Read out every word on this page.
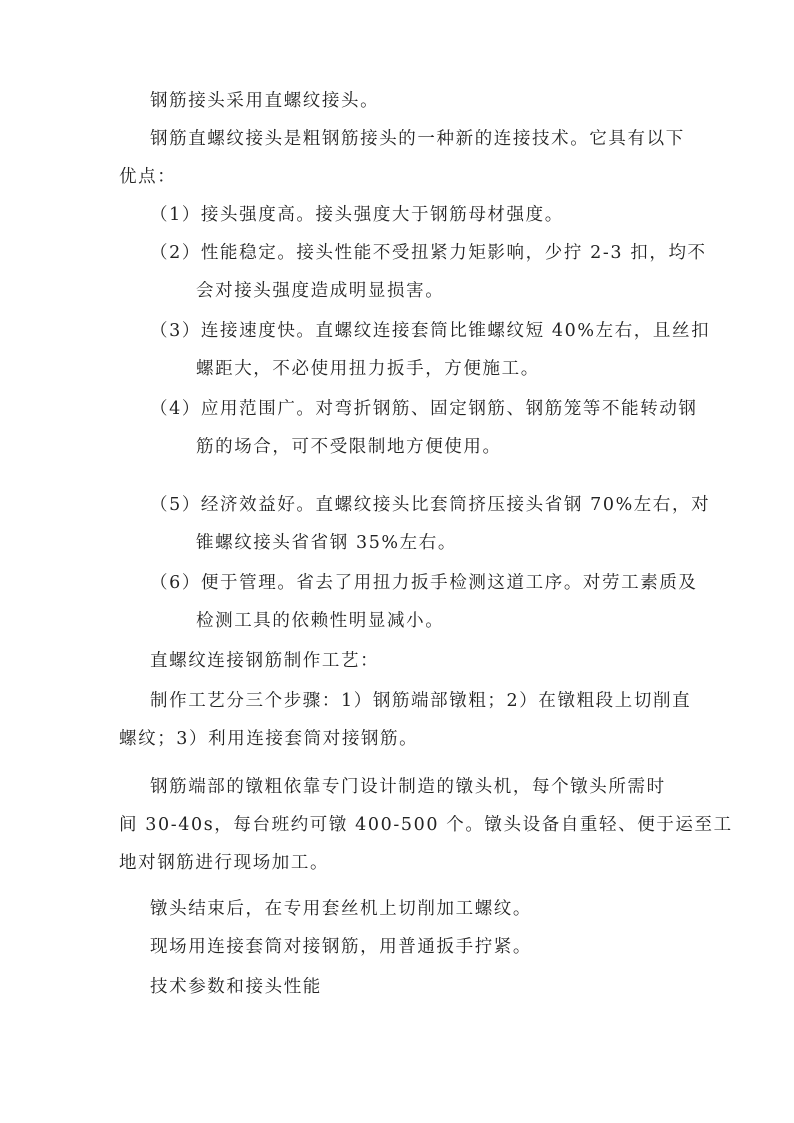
钢筋接头采用直螺纹接头。
钢筋直螺纹接头是粗钢筋接头的一种新的连接技术。它具有以下
优点：
（1）接头强度高。接头强度大于钢筋母材强度。
（2）性能稳定。接头性能不受扭紧力矩影响，少拧 2-3 扣，均不
会对接头强度造成明显损害。
（3）连接速度快。直螺纹连接套筒比锥螺纹短 40%左右，且丝扣
螺距大，不必使用扭力扳手，方便施工。
（4）应用范围广。对弯折钢筋、固定钢筋、钢筋笼等不能转动钢
筋的场合，可不受限制地方便使用。
（5）经济效益好。直螺纹接头比套筒挤压接头省钢 70%左右，对
锥螺纹接头省省钢 35%左右。
（6）便于管理。省去了用扭力扳手检测这道工序。对劳工素质及
检测工具的依赖性明显减小。
直螺纹连接钢筋制作工艺：
制作工艺分三个步骤：1）钢筋端部镦粗；2）在镦粗段上切削直
螺纹；3）利用连接套筒对接钢筋。
钢筋端部的镦粗依靠专门设计制造的镦头机，每个镦头所需时
间 30-40s，每台班约可镦 400-500 个。镦头设备自重轻、便于运至工
地对钢筋进行现场加工。
镦头结束后，在专用套丝机上切削加工螺纹。
现场用连接套筒对接钢筋，用普通扳手拧紧。
技术参数和接头性能
